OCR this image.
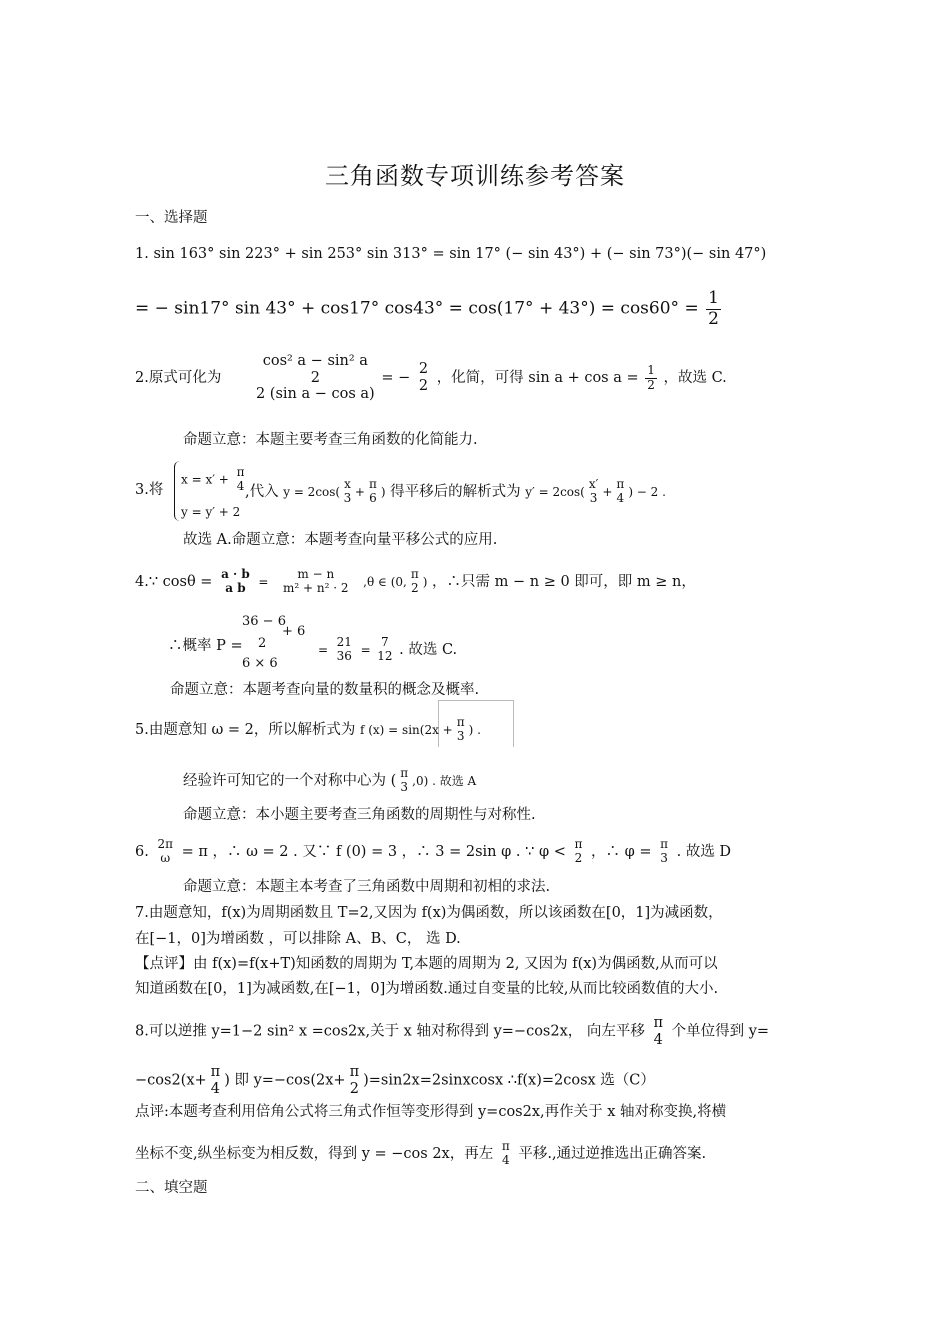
三角函数专项训练参考答案
一、选择题
1. sin 163° sin 223° + sin 253° sin 313° = sin 17° (− sin 43°) + (− sin 73°)(− sin 47°)
= − sin17° sin 43° + cos17° $\cos 43^\circ = \cos(17^\circ + 43^\circ) = \cos 60^\circ = \frac{1}{2}$
2.原式可化为
cos² a − sin² a
2
2 (sin a − cos a)
= −
2
2 ，化简，可得 $\sin a + \cos a = \frac{1}{2}$ ，故选 C.
命题立意：本题主要考查三角函数的化简能力.
3.将
x = x′ +
π
4
y = y′ + 2
,代入 y = 2cos(
x
3 +
π
6 ) 得平移后的解析式为 y′ = 2cos(
x′
3 +
π
4 ) − 2 .
故选 A.命题立意：本题考查向量平移公式的应用.
4.∵ cosθ = a · b
a b	=
m − n
m² + n² · 2 ,θ ∈ (0,
π
2 ) ，∴只需 m − n ≥ 0 即可，即 m ≥ n，
36 − 6
2
+ 6
∴概率 P =
6 × 6
=
21
36 =
7
12 . 故选 C.
命题立意：本题考查向量的数量积的概念及概率.
5.由题意知 ω = 2，所以解析式为 f (x) = sin(2x +
π
3 ) .
经验许可知它的一个对称中心为 ( π
3 ,0) . 故选 A
命题立意：本小题主要考查三角函数的周期性与对称性.
6. 2π
ω = π ，∴ ω = 2 . 又∵ f (0) = 3 ，∴ 3 = 2sin φ . ∵ φ < π
2 ，∴ φ = π
3 . 故选 D
命题立意：本题主本考查了三角函数中周期和初相的求法.
7.由题意知，f(x)为周期函数且 T=2,又因为 f(x)为偶函数，所以该函数在[0，1]为减函数，
在[−1，0]为增函数 ，可以排除 A、B、C， 选 D.
【点评】由 f(x)=f(x+T)知函数的周期为 T,本题的周期为 2, 又因为 f(x)为偶函数,从而可以
知道函数在[0，1]为减函数,在[−1，0]为增函数.通过自变量的比较,从而比较函数值的大小.
8.可以逆推 y=1−2 sin² x =cos2x,关于 x 轴对称得到 y=−cos2x， 向左平移
π
4 个单位得到 y=
−cos2(x+
π
4 ) 即 y=−cos(2x+
π
2 )=sin2x=2sinxcosx ∴f(x)=2cosx 选（C）
点评:本题考查利用倍角公式将三角式作恒等变形得到 y=cos2x,再作关于 x 轴对称变换,将横
坐标不变,纵坐标变为相反数，得到 y = −cos 2x，再左 π
4 平移.,通过逆推选出正确答案.
二、填空题
